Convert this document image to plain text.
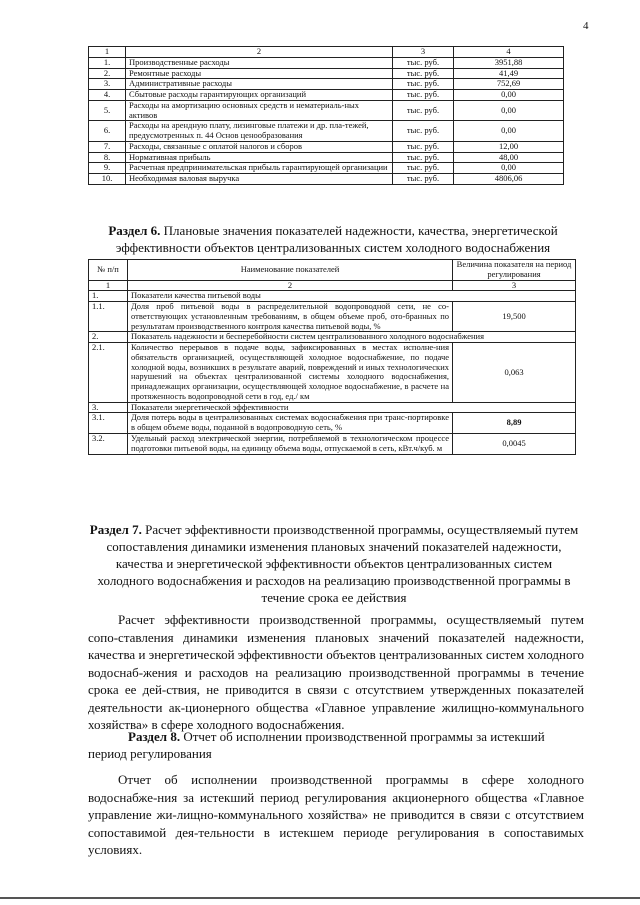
4
1	2	3	4
1.	Производственные расходы	тыс. руб.	3951,88
2.	Ремонтные расходы	тыс. руб.	41,49
3.	Административные расходы	тыс. руб.	752,69
4.	Сбытовые расходы гарантирующих организаций	тыс. руб.	0,00
5.	Расходы на амортизацию основных средств и нематериаль-ных активов	тыс. руб.	0,00
6.	Расходы на арендную плату, лизинговые платежи и др. пла-тежей, предусмотренных п. 44 Основ ценообразования	тыс. руб.	0,00
7.	Расходы, связанные с оплатой налогов и сборов	тыс. руб.	12,00
8.	Нормативная прибыль	тыс. руб.	48,00
9.	Расчетная предпринимательская прибыль гарантирующей организации	тыс. руб.	0,00
10.	Необходимая валовая выручка	тыс. руб.	4806,06
Раздел 6. Плановые значения показателей надежности, качества, энергетической эффективности объектов централизованных систем холодного водоснабжения
№ п/п	Наименование показателей	Величина показателя на период регулирования
1	2	3
1.	Показатели качества питьевой воды	
1.1.	Доля проб питьевой воды в распределительной водопроводной сети, не со-ответствующих установленным требованиям, в общем объеме проб, ото-бранных по результатам производственного контроля качества питьевой воды, %	19,500
2.	Показатель надежности и бесперебойности систем централизованного холодного водоснабжения	
2.1.	Количество перерывов в подаче воды, зафиксированных в местах исполне-ния обязательств организацией, осуществляющей холодное водоснабжение, по подаче холодной воды, возникших в результате аварий, повреждений и иных технологических нарушений на объектах централизованной системы холодного водоснабжения, принадлежащих организации, осуществляющей холодное водоснабжение, в расчете на протяженность водопроводной сети в год, ед./ км	0,063
3.	Показатели энергетической эффективности	
3.1.	Доля потерь воды в централизованных системах водоснабжения при транс-портировке в общем объеме воды, поданной в водопроводную сеть, %	8,89
3.2.	Удельный расход электрической энергии, потребляемой в технологическом процессе подготовки питьевой воды, на единицу объема воды, отпускаемой в сеть, кВт.ч/куб. м	0,0045
Раздел 7. Расчет эффективности производственной программы, осуществляемый путем сопоставления динамики изменения плановых значений показателей надежности, качества и энергетической эффективности объектов централизованных систем холодного водоснабжения и расходов на реализацию производственной программы в течение срока ее действия
Расчет эффективности производственной программы, осуществляемый путем сопо-ставления динамики изменения плановых значений показателей надежности, качества и энергетической эффективности объектов централизованных систем холодного водоснаб-жения и расходов на реализацию производственной программы в течение срока ее дей-ствия, не приводится в связи с отсутствием утвержденных показателей деятельности ак-ционерного общества «Главное управление жилищно-коммунального хозяйства» в сфере холодного водоснабжения.
Раздел 8. Отчет об исполнении производственной программы за истекший период регулирования
Отчет об исполнении производственной программы в сфере холодного водоснабже-ния за истекший период регулирования акционерного общества «Главное управление жи-лищно-коммунального хозяйства» не приводится в связи с отсутствием сопоставимой дея-тельности в истекшем периоде регулирования в сопоставимых условиях.
